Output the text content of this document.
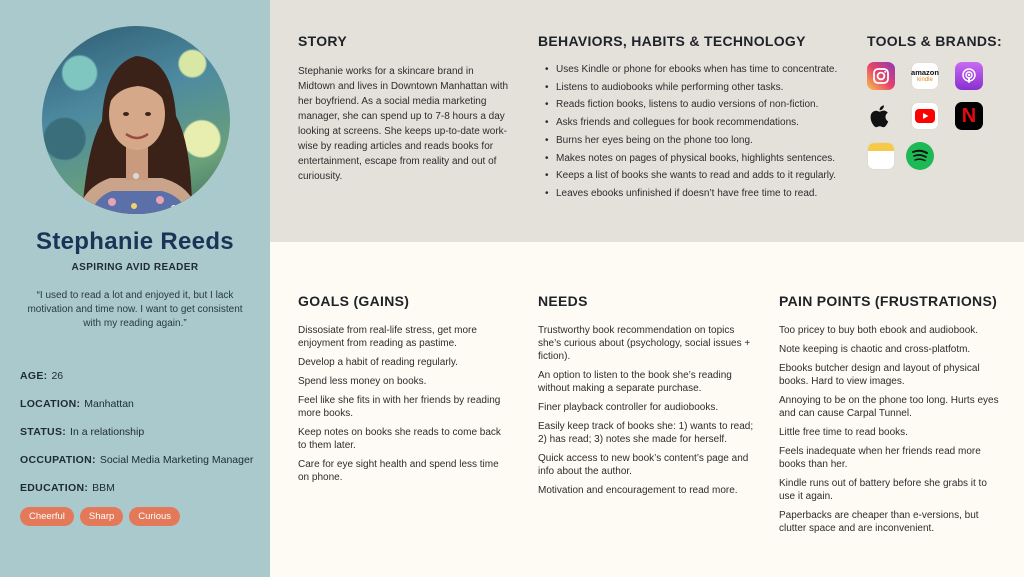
Stephanie Reeds
ASPIRING AVID READER
“I used to read a lot and enjoyed it, but I lack motivation and time now. I want to get consistent with my reading again.”
AGE: 26
LOCATION: Manhattan
STATUS: In a relationship
OCCUPATION: Social Media Marketing Manager
EDUCATION: BBM
Cheerful	Sharp	Curious
STORY
Stephanie works for a skincare brand in Midtown and lives in Downtown Manhattan with her boyfriend. As a social media marketing manager, she can spend up to 7-8 hours a day looking at screens. She keeps up-to-date work-wise by reading articles and reads books for entertainment, escape from reality and out of curiousity.
BEHAVIORS, HABITS & TECHNOLOGY
• Uses Kindle or phone for ebooks when has time to concentrate.
• Listens to audiobooks while performing other tasks.
• Reads fiction books, listens to audio versions of non-fiction.
• Asks friends and collegues for book recommendations.
• Burns her eyes being on the phone too long.
• Makes notes on pages of physical books, highlights sentences.
• Keeps a list of books she wants to read and adds to it regularly.
• Leaves ebooks unfinished if doesn’t have free time to read.
TOOLS & BRANDS:
amazon
kindle
N
GOALS (GAINS)

Dissosiate from real-life stress, get more enjoyment from reading as pastime.

Develop a habit of reading regularly.

Spend less money on books.

Feel like she fits in with her friends by reading more books.

Keep notes on books she reads to come back to them later.

Care for eye sight health and spend less time on phone.

NEEDS

Trustworthy book recommendation on topics she’s curious about (psychology, social issues + fiction).

An option to listen to the book she’s reading without making a separate purchase.

Finer playback controller for audiobooks.

Easily keep track of books she: 1) wants to read; 2) has read; 3) notes she made for herself.

Quick access to new book’s content’s page and info about the author.

Motivation and encouragement to read more.

PAIN POINTS (FRUSTRATIONS)

Too pricey to buy both ebook and audiobook.

Note keeping is chaotic and cross-platfotm.

Ebooks butcher design and layout of physical books. Hard to view images.

Annoying to be on the phone too long. Hurts eyes and can cause Carpal Tunnel.

Little free time to read books.

Feels inadequate when her friends read more books than her.

Kindle runs out of battery before she grabs it to use it again.

Paperbacks are cheaper than e-versions, but clutter space and are inconvenient.
